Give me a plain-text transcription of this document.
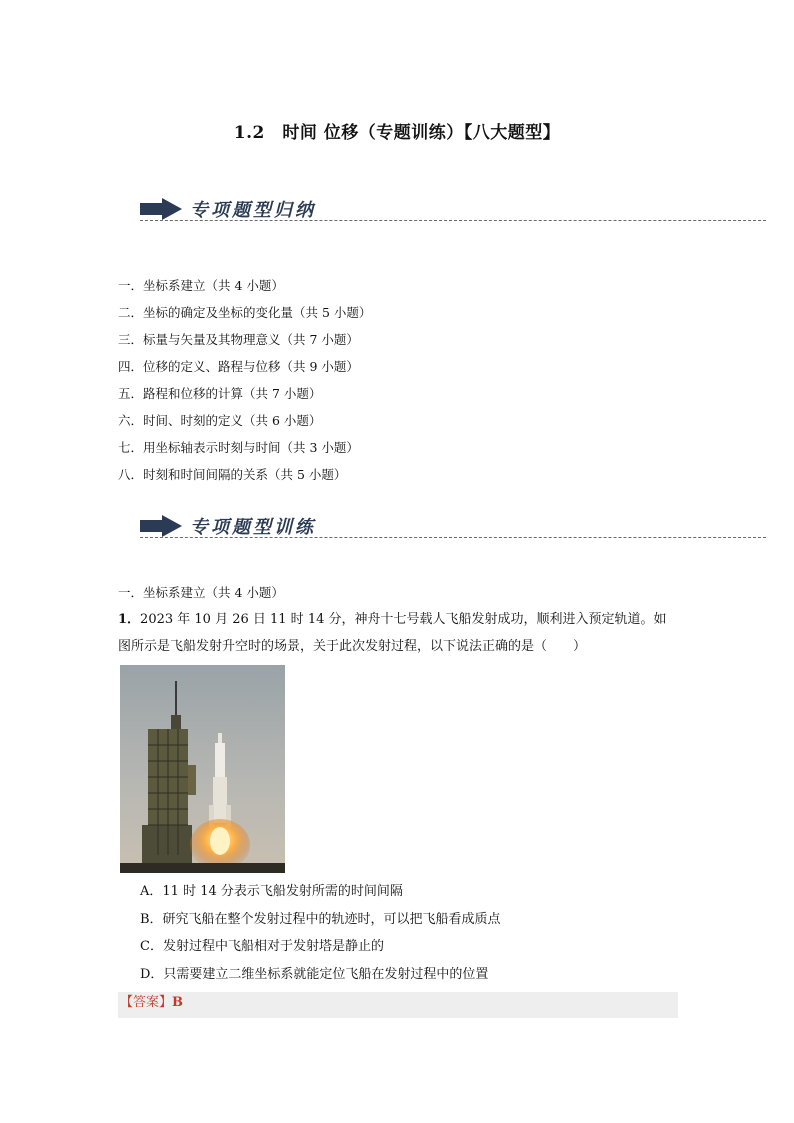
1.2　时间 位移（专题训练）【八大题型】
专项题型归纳
一．坐标系建立（共 4 小题）
二．坐标的确定及坐标的变化量（共 5 小题）
三．标量与矢量及其物理意义（共 7 小题）
四．位移的定义、路程与位移（共 9 小题）
五．路程和位移的计算（共 7 小题）
六．时间、时刻的定义（共 6 小题）
七．用坐标轴表示时刻与时间（共 3 小题）
八．时刻和时间间隔的关系（共 5 小题）
专项题型训练
一．坐标系建立（共 4 小题）
1．2023 年 10 月 26 日 11 时 14 分，神舟十七号载人飞船发射成功，顺利进入预定轨道。如图所示是飞船发射升空时的场景，关于此次发射过程，以下说法正确的是（　　）
A．11 时 14 分表示飞船发射所需的时间间隔
B．研究飞船在整个发射过程中的轨迹时，可以把飞船看成质点
C．发射过程中飞船相对于发射塔是静止的
D．只需要建立二维坐标系就能定位飞船在发射过程中的位置
【答案】B
